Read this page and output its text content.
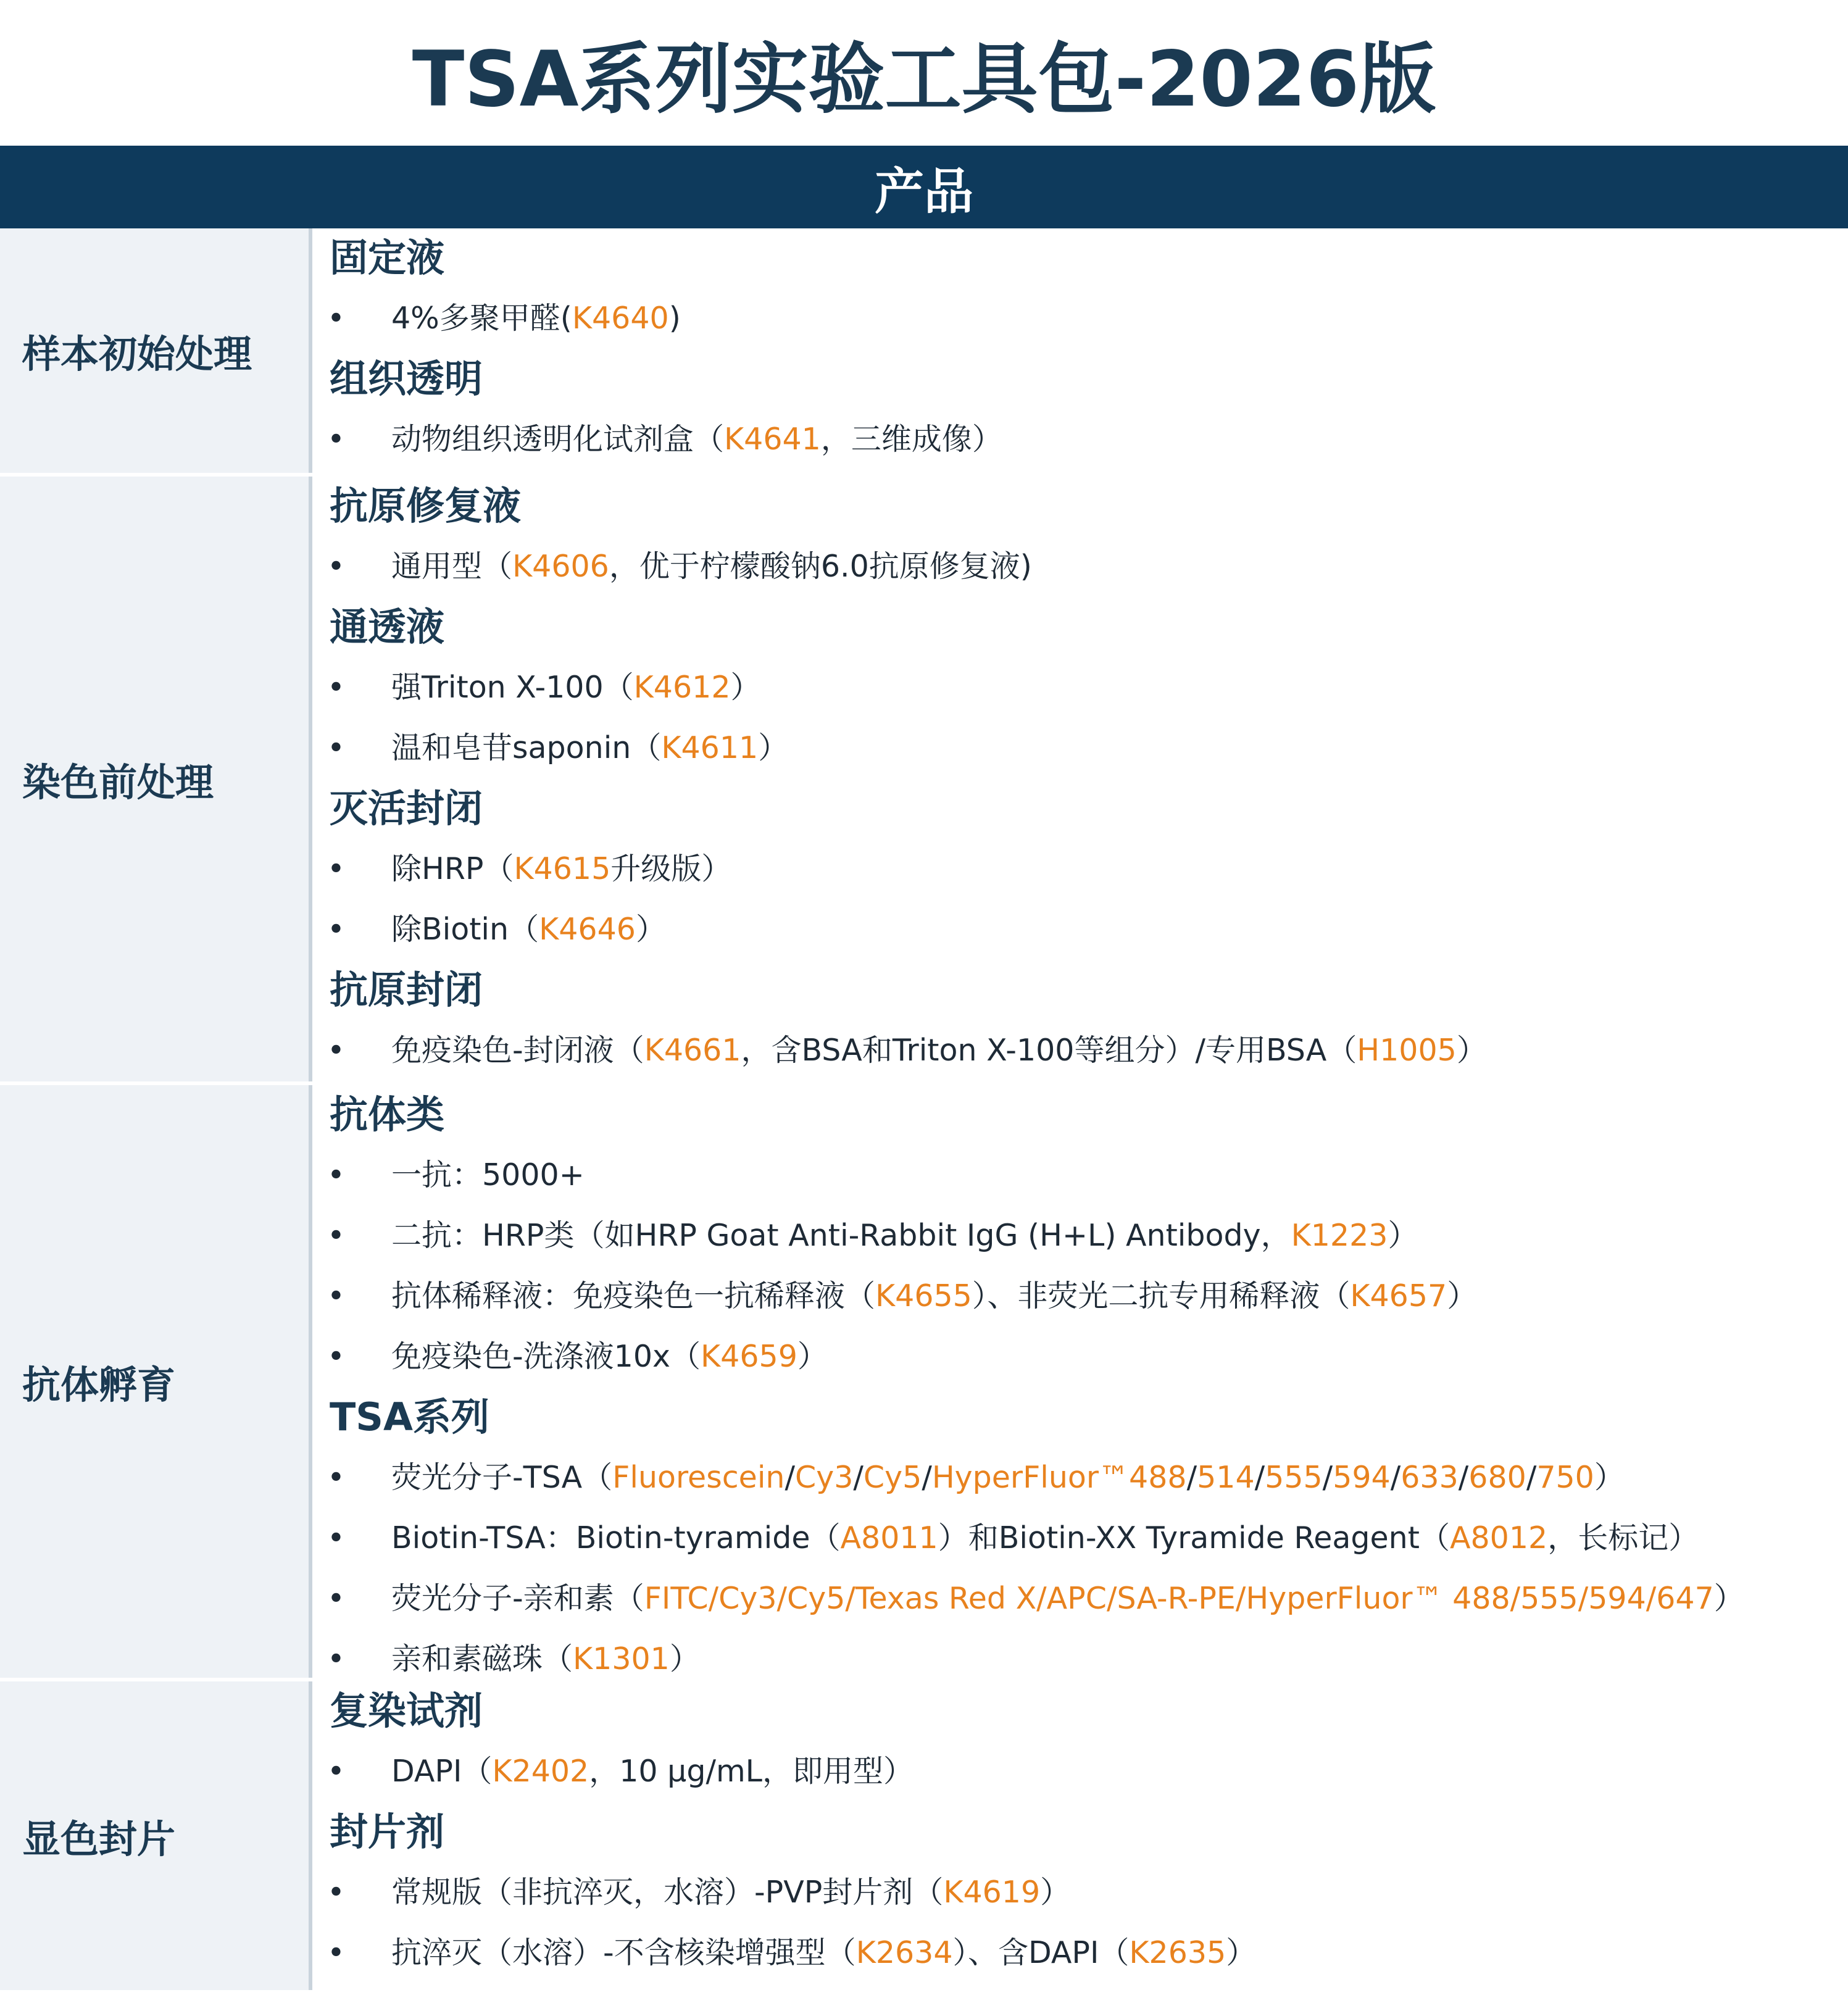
TSA系列实验工具包-2026版
产品
样本初始处理
固定液
• 4%多聚甲醛(K4640)
组织透明
• 动物组织透明化试剂盒（K4641，三维成像）
染色前处理
抗原修复液
• 通用型（K4606，优于柠檬酸钠6.0抗原修复液)
通透液
• 强Triton X-100（K4612）
• 温和皂苷saponin（K4611）
灭活封闭
• 除HRP（K4615升级版）
• 除Biotin（K4646）
抗原封闭
• 免疫染色-封闭液（K4661，含BSA和Triton X-100等组分）/专用BSA（H1005）
抗体孵育
抗体类
• 一抗：5000+
• 二抗：HRP类（如HRP Goat Anti-Rabbit IgG (H+L) Antibody，K1223）
• 抗体稀释液：免疫染色一抗稀释液（K4655）、非荧光二抗专用稀释液（K4657）
• 免疫染色-洗涤液10x（K4659）
TSA系列
• 荧光分子-TSA（Fluorescein/Cy3/Cy5/HyperFluor™488/514/555/594/633/680/750）
• Biotin-TSA：Biotin-tyramide（A8011）和Biotin-XX Tyramide Reagent（A8012，长标记）
• 荧光分子-亲和素（FITC/Cy3/Cy5/Texas Red X/APC/SA-R-PE/HyperFluor™ 488/555/594/647）
• 亲和素磁珠（K1301）
显色封片
复染试剂
• DAPI（K2402，10 μg/mL，即用型）
封片剂
• 常规版（非抗淬灭，水溶）-PVP封片剂（K4619）
• 抗淬灭（水溶）-不含核染增强型（K2634）、含DAPI（K2635）
